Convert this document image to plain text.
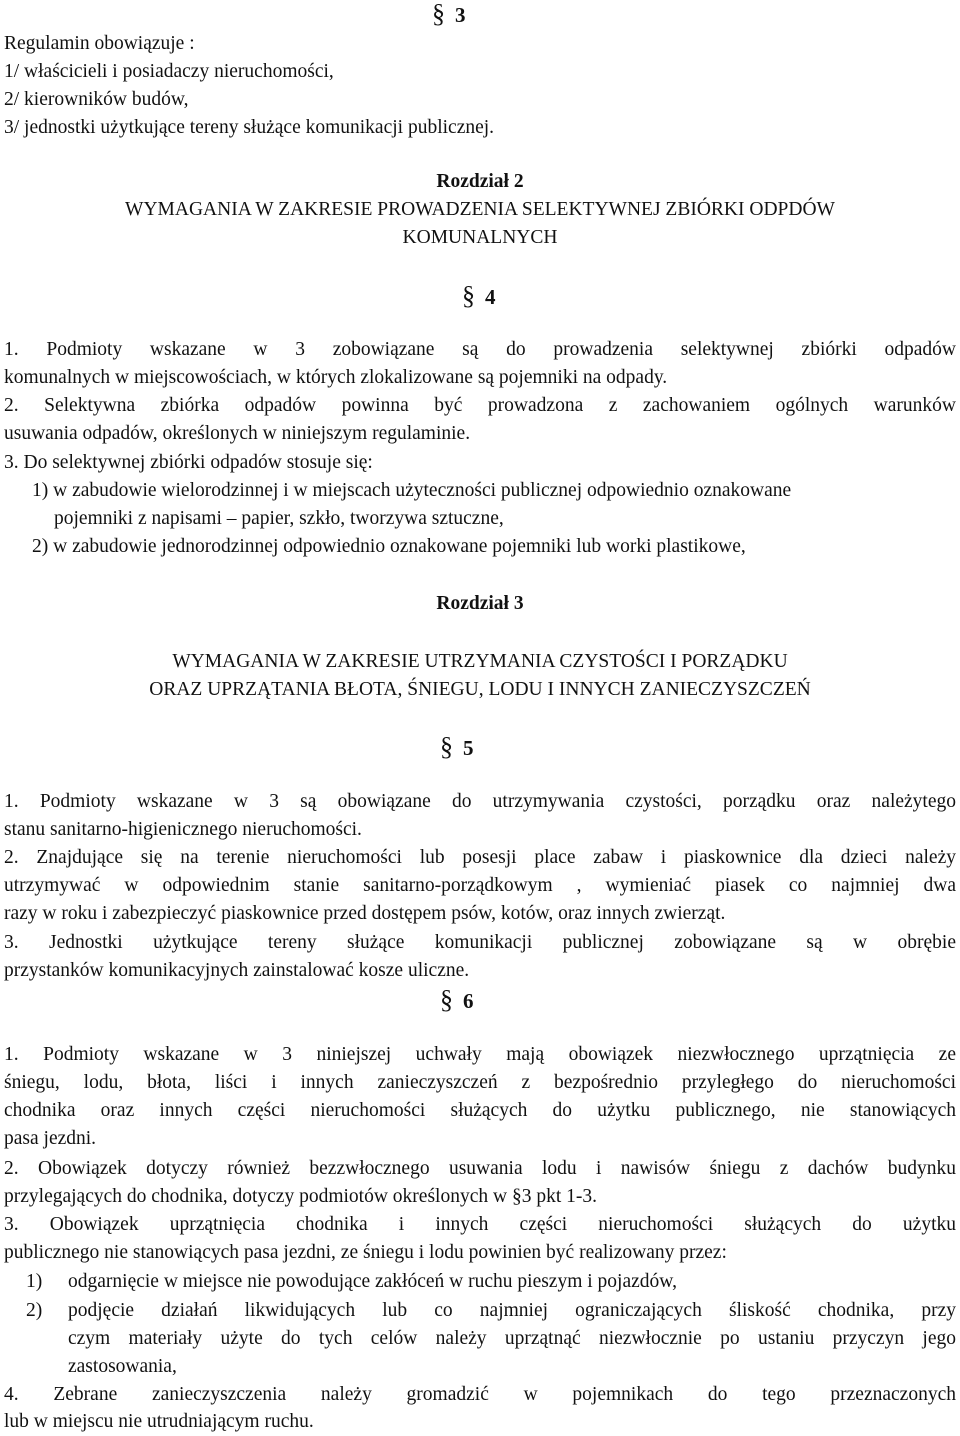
§ 3
Regulamin obowiązuje :
1/ właścicieli i posiadaczy nieruchomości,
2/ kierowników budów,
3/ jednostki użytkujące tereny służące komunikacji publicznej.
Rozdział 2
WYMAGANIA W ZAKRESIE PROWADZENIA SELEKTYWNEJ ZBIÓRKI ODPDÓW
KOMUNALNYCH
§ 4
1. Podmioty wskazane w 3 zobowiązane są do prowadzenia selektywnej zbiórki odpadów
komunalnych w miejscowościach, w których zlokalizowane są pojemniki na odpady.
2. Selektywna zbiórka odpadów powinna być prowadzona z zachowaniem ogólnych warunków
usuwania odpadów, określonych w niniejszym regulaminie.
3. Do selektywnej zbiórki odpadów stosuje się:
1) w zabudowie wielorodzinnej i w miejscach użyteczności publicznej odpowiednio oznakowane
pojemniki z napisami – papier, szkło, tworzywa sztuczne,
2) w zabudowie jednorodzinnej odpowiednio oznakowane pojemniki lub worki plastikowe,
Rozdział 3
WYMAGANIA W ZAKRESIE UTRZYMANIA CZYSTOŚCI I PORZĄDKU
ORAZ UPRZĄTANIA BŁOTA, ŚNIEGU, LODU I INNYCH ZANIECZYSZCZEŃ
§ 5
1. Podmioty wskazane w 3 są obowiązane do utrzymywania czystości, porządku oraz należytego
stanu sanitarno-higienicznego nieruchomości.
2. Znajdujące się na terenie nieruchomości lub posesji place zabaw i piaskownice dla dzieci należy
utrzymywać w odpowiednim stanie sanitarno-porządkowym , wymieniać piasek co najmniej dwa
razy w roku i zabezpieczyć piaskownice przed dostępem psów, kotów, oraz innych zwierząt.
3. Jednostki użytkujące tereny służące komunikacji publicznej zobowiązane są w obrębie
przystanków komunikacyjnych zainstalować kosze uliczne.
§ 6
1. Podmioty wskazane w 3 niniejszej uchwały mają obowiązek niezwłocznego uprzątnięcia ze
śniegu, lodu, błota, liści i innych zanieczyszczeń z bezpośrednio przyległego do nieruchomości
chodnika oraz innych części nieruchomości służących do użytku publicznego, nie stanowiących
pasa jezdni.
2. Obowiązek dotyczy również bezzwłocznego usuwania lodu i nawisów śniegu z dachów budynku
przylegających do chodnika, dotyczy podmiotów określonych w §3 pkt 1-3.
3. Obowiązek uprzątnięcia chodnika i innych części nieruchomości służących do użytku
publicznego nie stanowiących pasa jezdni, ze śniegu i lodu powinien być realizowany przez:
1) odgarnięcie w miejsce nie powodujące zakłóceń w ruchu pieszym i pojazdów,
2) podjęcie działań likwidujących lub co najmniej ograniczających śliskość chodnika, przy
czym materiały użyte do tych celów należy uprzątnąć niezwłocznie po ustaniu przyczyn jego
zastosowania,
4. Zebrane zanieczyszczenia należy gromadzić w pojemnikach do tego przeznaczonych
lub w miejscu nie utrudniającym ruchu.
